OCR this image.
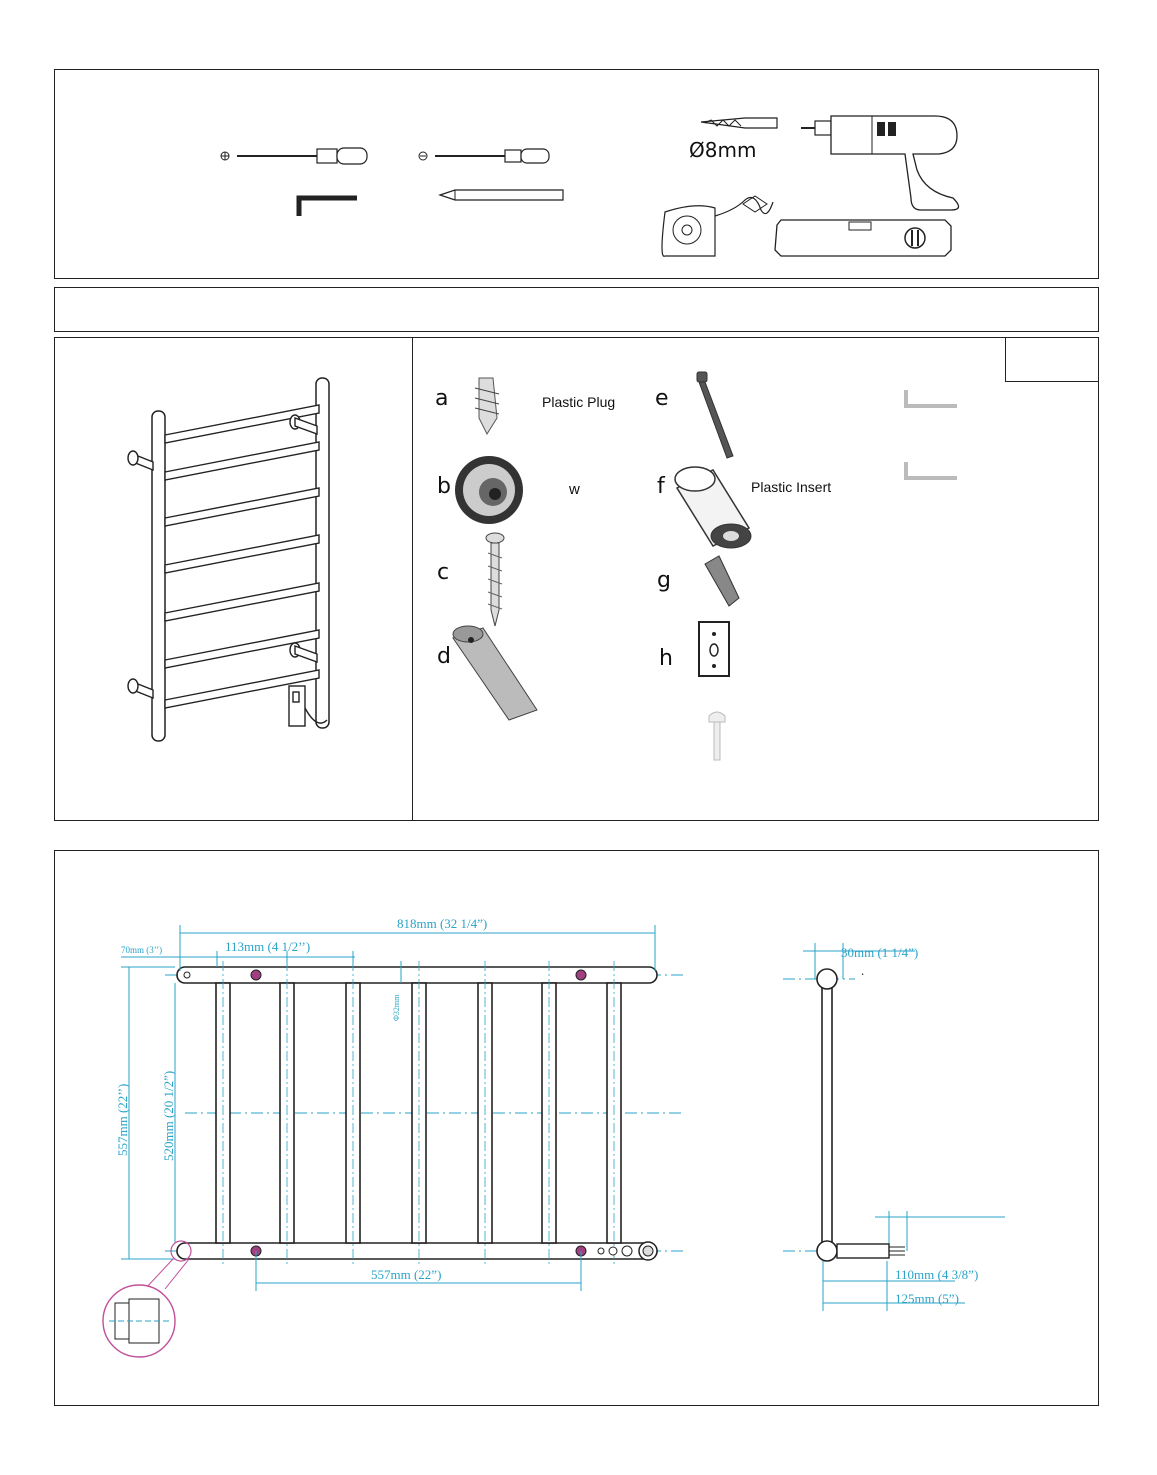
Ø8mm
a
b
c
d
e
f
g
h
Plastic Plug
w	Plastic Insert
818mm (32 1/4”)
70mm (3’’)	113mm (4 1/2’’)
Φ32mm
557mm (22’’) 520mm (20 1/2”)
557mm (22”)
30mm (1 1/4”)
.
110mm (4 3/8”)
125mm (5”)
